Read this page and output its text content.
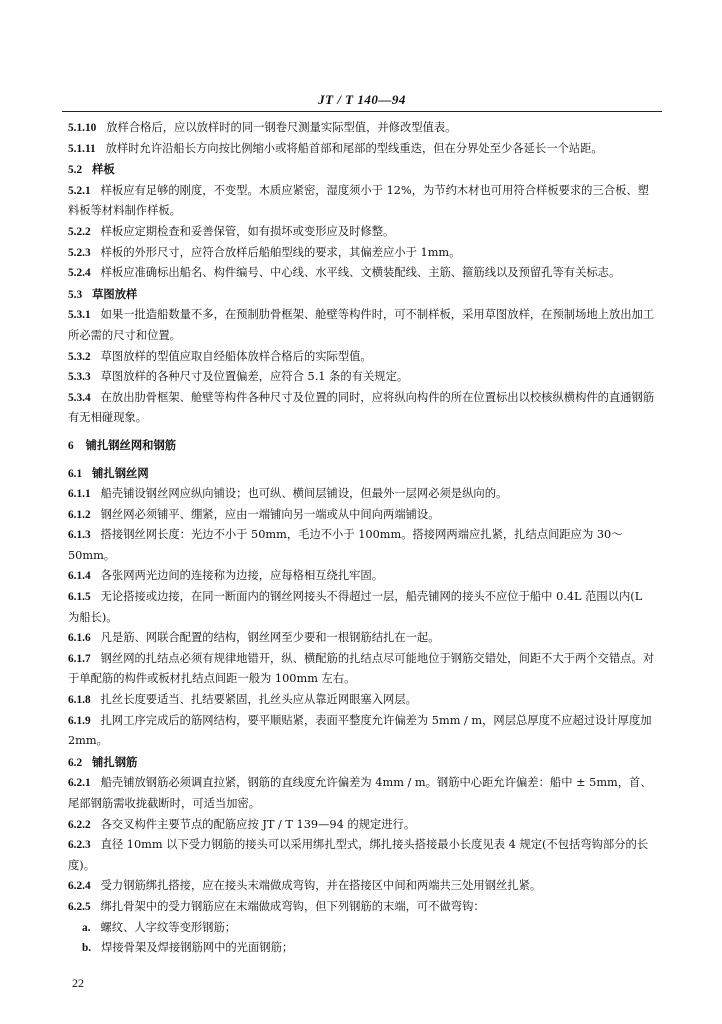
JT / T 140—94
5.1.10 放样合格后，应以放样时的同一钢卷尺测量实际型值，并修改型值表。
5.1.11 放样时允许沿船长方向按比例缩小或将船首部和尾部的型线重迭，但在分界处至少各延长一个站距。
5.2 样板
5.2.1 样板应有足够的刚度，不变型。木质应紧密，湿度须小于 12%，为节约木材也可用符合样板要求的三合板、塑料板等材料制作样板。
5.2.2 样板应定期检查和妥善保管，如有损坏或变形应及时修整。
5.2.3 样板的外形尺寸，应符合放样后船舶型线的要求，其偏差应小于 1mm。
5.2.4 样板应准确标出船名、构件编号、中心线、水平线、文横装配线、主筋、箍筋线以及预留孔等有关标志。
5.3 草图放样
5.3.1 如果一批造船数量不多，在预制肋骨框架、舱壁等构件时，可不制样板，采用草图放样，在预制场地上放出加工所必需的尺寸和位置。
5.3.2 草图放样的型值应取自经船体放样合格后的实际型值。
5.3.3 草图放样的各种尺寸及位置偏差，应符合 5.1 条的有关规定。
5.3.4 在放出肋骨框架、舱壁等构件各种尺寸及位置的同时，应将纵向构件的所在位置标出以校核纵横构件的直通钢筋有无相碰现象。
6 铺扎钢丝网和钢筋
6.1 铺扎钢丝网
6.1.1 船壳铺设钢丝网应纵向铺设；也可纵、横间层铺设，但最外一层网必须是纵向的。
6.1.2 钢丝网必须铺平、绷紧，应由一端铺向另一端或从中间向两端铺设。
6.1.3 搭接钢丝网长度：光边不小于 50mm，毛边不小于 100mm。搭接网两端应扎紧，扎结点间距应为 30～50mm。
6.1.4 各张网两光边间的连接称为边接，应每格相互绕扎牢固。
6.1.5 无论搭接或边接，在同一断面内的钢丝网接头不得超过一层，船壳铺网的接头不应位于船中 0.4L 范围以内(L 为船长)。
6.1.6 凡是筋、网联合配置的结构，钢丝网至少要和一根钢筋结扎在一起。
6.1.7 钢丝网的扎结点必须有规律地错开，纵、横配筋的扎结点尽可能地位于钢筋交错处，间距不大于两个交错点。对于单配筋的构件或板材扎结点间距一般为 100mm 左右。
6.1.8 扎丝长度要适当、扎结要紧固，扎丝头应从靠近网眼塞入网层。
6.1.9 扎网工序完成后的筋网结构，要平顺贴紧，表面平整度允许偏差为 5mm / m，网层总厚度不应超过设计厚度加 2mm。
6.2 铺扎钢筋
6.2.1 船壳铺放钢筋必须调直拉紧，钢筋的直线度允许偏差为 4mm / m。钢筋中心距允许偏差：船中 ± 5mm，首、尾部钢筋需收拢截断时，可适当加密。
6.2.2 各交叉构件主要节点的配筋应按 JT / T 139—94 的规定进行。
6.2.3 直径 10mm 以下受力钢筋的接头可以采用绑扎型式，绑扎接头搭接最小长度见表 4 规定(不包括弯钩部分的长度)。
6.2.4 受力钢筋绑扎搭接，应在接头末端做成弯钩，并在搭接区中间和两端共三处用钢丝扎紧。
6.2.5 绑扎骨架中的受力钢筋应在末端做成弯钩，但下列钢筋的末端，可不做弯钩：
a. 螺纹、人字纹等变形钢筋；
b. 焊接骨架及焊接钢筋网中的光面钢筋；
22
